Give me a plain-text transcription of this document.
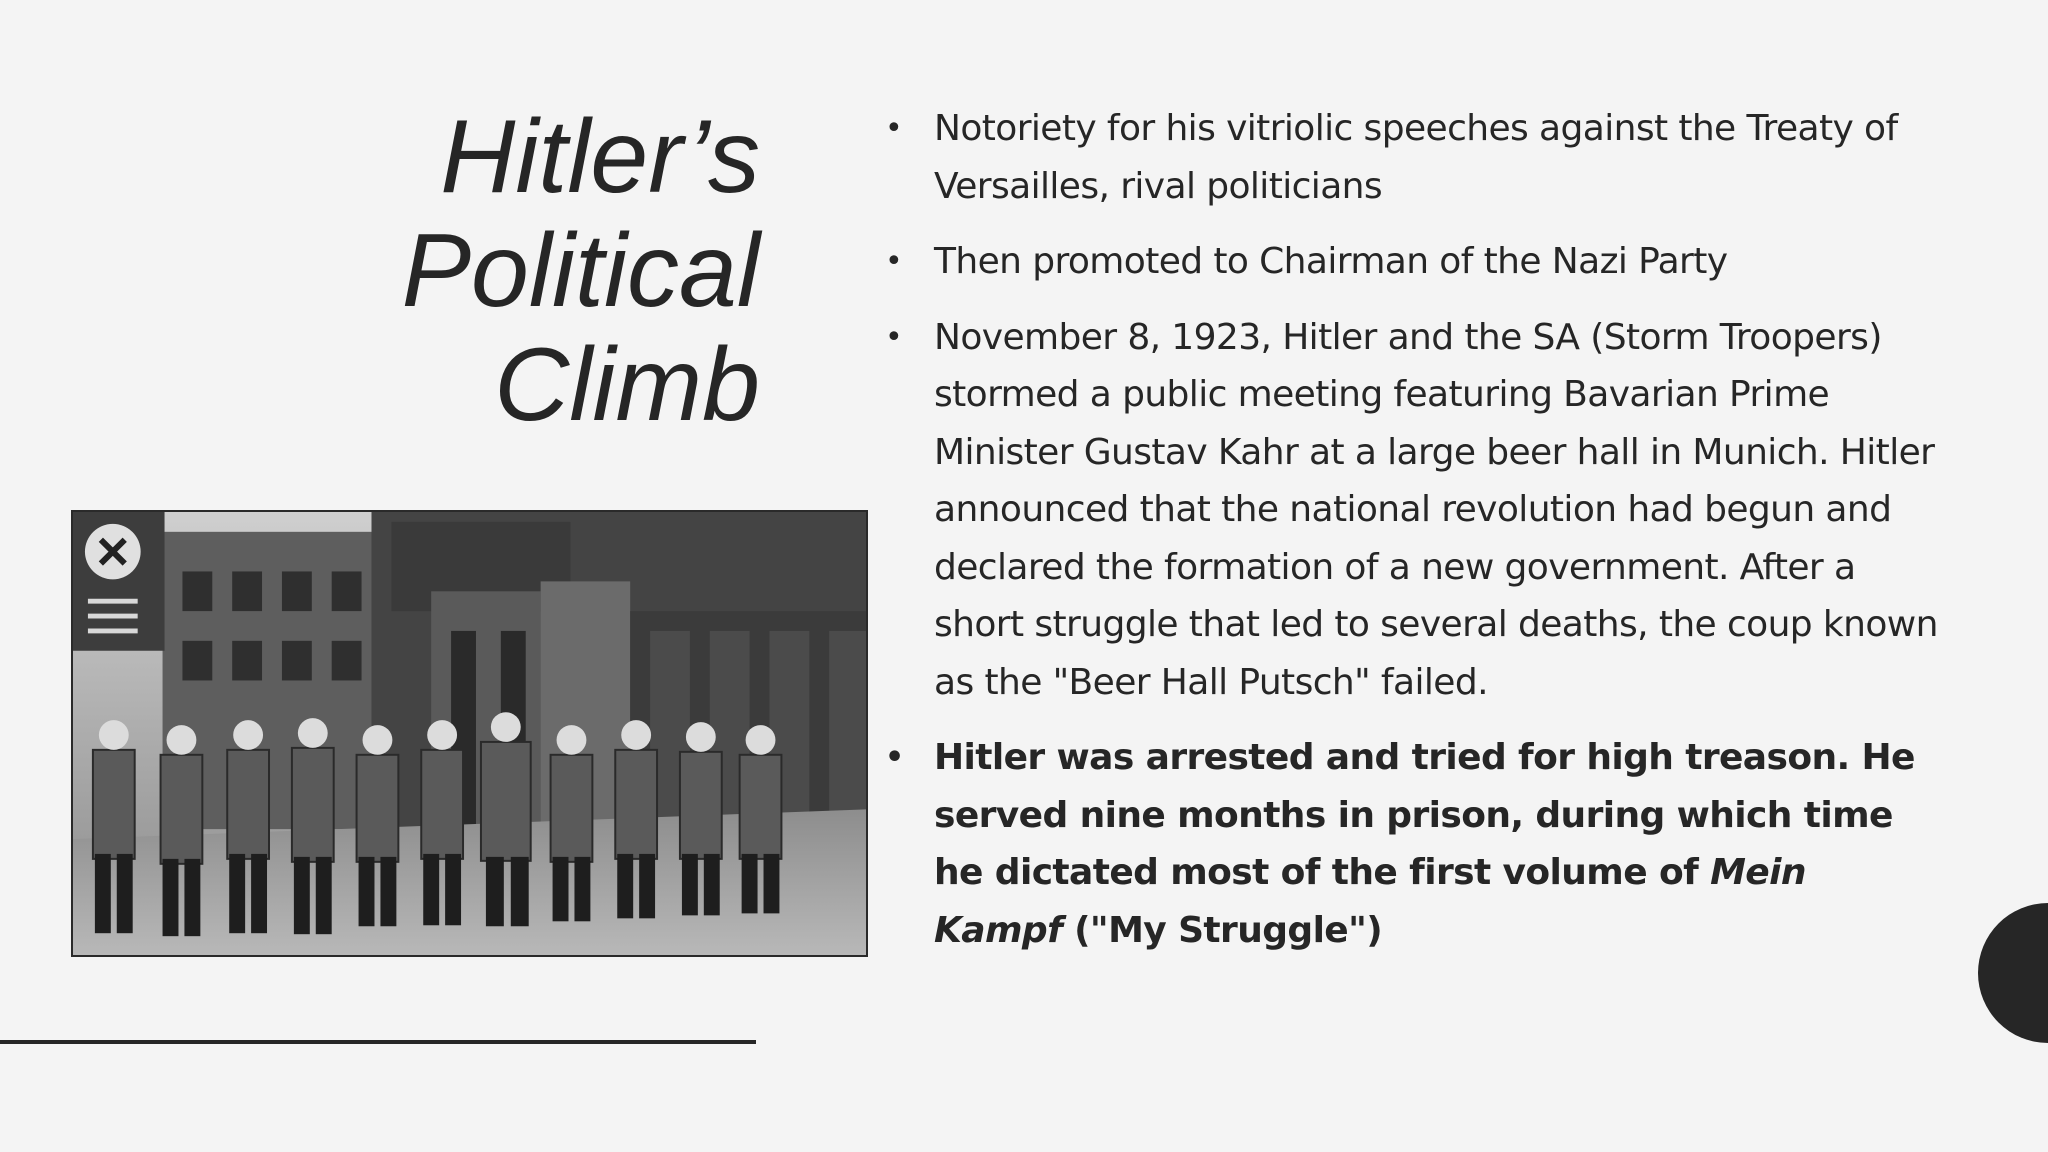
Hitler’s
Political
Climb
• Notoriety for his vitriolic speeches against the Treaty of Versailles, rival politicians
• Then promoted to Chairman of the Nazi Party
• November 8, 1923, Hitler and the SA (Storm Troopers) stormed a public meeting featuring Bavarian Prime Minister Gustav Kahr at a large beer hall in Munich. Hitler announced that the national revolution had begun and declared the formation of a new government. After a short struggle that led to several deaths, the coup known as the "Beer Hall Putsch" failed.
• Hitler was arrested and tried for high treason. He served nine months in prison, during which time he dictated most of the first volume of Mein Kampf ("My Struggle")
